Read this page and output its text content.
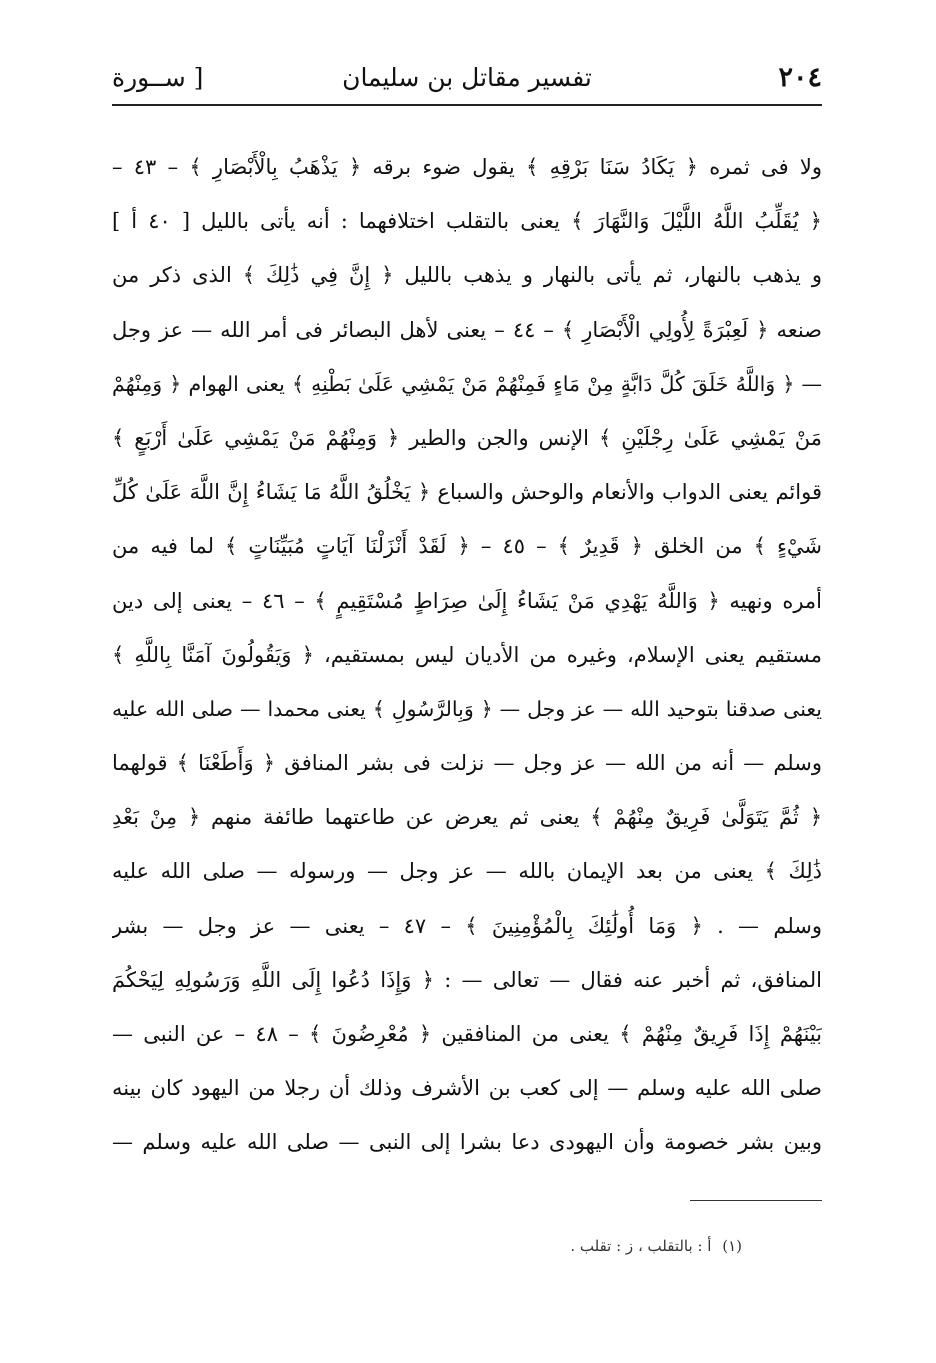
٢٠٤
تفسير مقاتل بن سليمان
[ ســورة
ولا فى ثمره ﴿ يَكَادُ سَنَا بَرْقِهِ ﴾ يقول ضوء برقه ﴿ يَذْهَبُ بِالْأَبْصَارِ ﴾ – ٤٣ –
﴿ يُقَلِّبُ اللَّهُ اللَّيْلَ وَالنَّهَارَ ﴾ يعنى بالتقلب اختلافهما : أنه يأتى بالليل [ ٤٠ أ ]
و يذهب بالنهار، ثم يأتى بالنهار و يذهب بالليل ﴿ إِنَّ فِي ذَٰلِكَ ﴾ الذى ذكر من
صنعه ﴿ لَعِبْرَةً لِأُولِي الْأَبْصَارِ ﴾ – ٤٤ – يعنى لأهل البصائر فى أمر الله — عز وجل
— ﴿ وَاللَّهُ خَلَقَ كُلَّ دَابَّةٍ مِنْ مَاءٍ فَمِنْهُمْ مَنْ يَمْشِي عَلَىٰ بَطْنِهِ ﴾ يعنى الهوام ﴿ وَمِنْهُمْ
مَنْ يَمْشِي عَلَىٰ رِجْلَيْنِ ﴾ الإنس والجن والطير ﴿ وَمِنْهُمْ مَنْ يَمْشِي عَلَىٰ أَرْبَعٍ ﴾
قوائم يعنى الدواب والأنعام والوحش والسباع ﴿ يَخْلُقُ اللَّهُ مَا يَشَاءُ إِنَّ اللَّهَ عَلَىٰ كُلِّ
شَيْءٍ ﴾ من الخلق ﴿ قَدِيرٌ ﴾ – ٤٥ – ﴿ لَقَدْ أَنْزَلْنَا آيَاتٍ مُبَيِّنَاتٍ ﴾ لما فيه من
أمره ونهيه ﴿ وَاللَّهُ يَهْدِي مَنْ يَشَاءُ إِلَىٰ صِرَاطٍ مُسْتَقِيمٍ ﴾ – ٤٦ – يعنى إلى دين
مستقيم يعنى الإسلام، وغيره من الأديان ليس بمستقيم، ﴿ وَيَقُولُونَ آمَنَّا بِاللَّهِ ﴾
يعنى صدقنا بتوحيد الله — عز وجل — ﴿ وَبِالرَّسُولِ ﴾ يعنى محمدا — صلى الله عليه
وسلم — أنه من الله — عز وجل — نزلت فى بشر المنافق ﴿ وَأَطَعْنَا ﴾ قولهما
﴿ ثُمَّ يَتَوَلَّىٰ فَرِيقٌ مِنْهُمْ ﴾ يعنى ثم يعرض عن طاعتهما طائفة منهم ﴿ مِنْ بَعْدِ
ذَٰلِكَ ﴾ يعنى من بعد الإيمان بالله — عز وجل — ورسوله — صلى الله عليه
وسلم — . ﴿ وَمَا أُولَٰئِكَ بِالْمُؤْمِنِينَ ﴾ – ٤٧ – يعنى — عز وجل — بشر
المنافق، ثم أخبر عنه فقال — تعالى — : ﴿ وَإِذَا دُعُوا إِلَى اللَّهِ وَرَسُولِهِ لِيَحْكُمَ
بَيْنَهُمْ إِذَا فَرِيقٌ مِنْهُمْ ﴾ يعنى من المنافقين ﴿ مُعْرِضُونَ ﴾ – ٤٨ – عن النبى —
صلى الله عليه وسلم — إلى كعب بن الأشرف وذلك أن رجلا من اليهود كان بينه
وبين بشر خصومة وأن اليهودى دعا بشرا إلى النبى — صلى الله عليه وسلم —
(١) أ : بالتقلب ، ز : تقلب .
